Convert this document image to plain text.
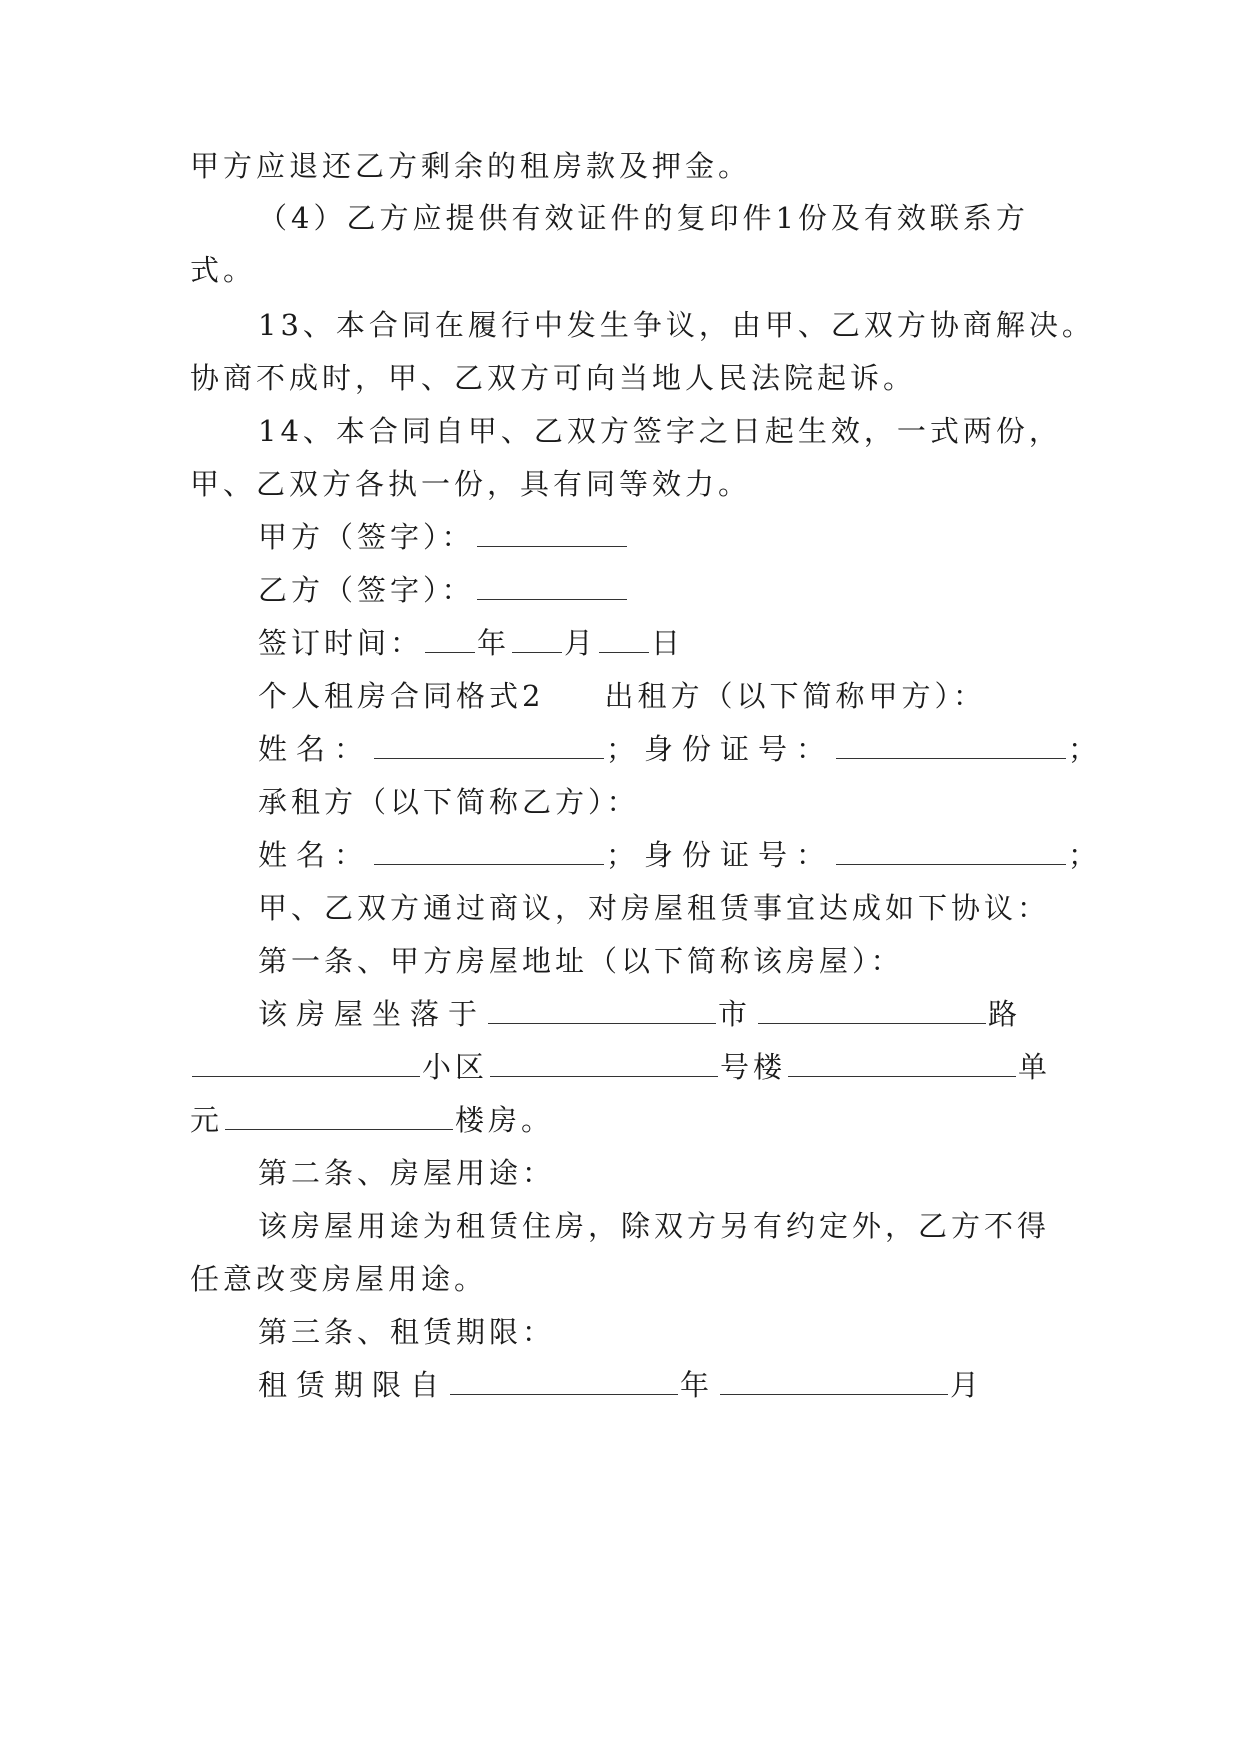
甲方应退还乙方剩余的租房款及押金。
（4）乙方应提供有效证件的复印件1份及有效联系方
式。
13、本合同在履行中发生争议，由甲、乙双方协商解决。
协商不成时，甲、乙双方可向当地人民法院起诉。
14、本合同自甲、乙双方签字之日起生效，一式两份，
甲、乙双方各执一份，具有同等效力。
甲方（签字）：
乙方（签字）：
签订时间： 年 月 日
个人租房合同格式2 出租方（以下简称甲方）：
姓名：	；身份证号：	；
承租方（以下简称乙方）：
姓名：	；身份证号：	；
甲、乙双方通过商议，对房屋租赁事宜达成如下协议：
第一条、甲方房屋地址（以下简称该房屋）：
该房屋坐落于	市	路
小区	号楼	单
元	楼房。
第二条、房屋用途：
该房屋用途为租赁住房，除双方另有约定外，乙方不得
任意改变房屋用途。
第三条、租赁期限：
租赁期限自	年	月
